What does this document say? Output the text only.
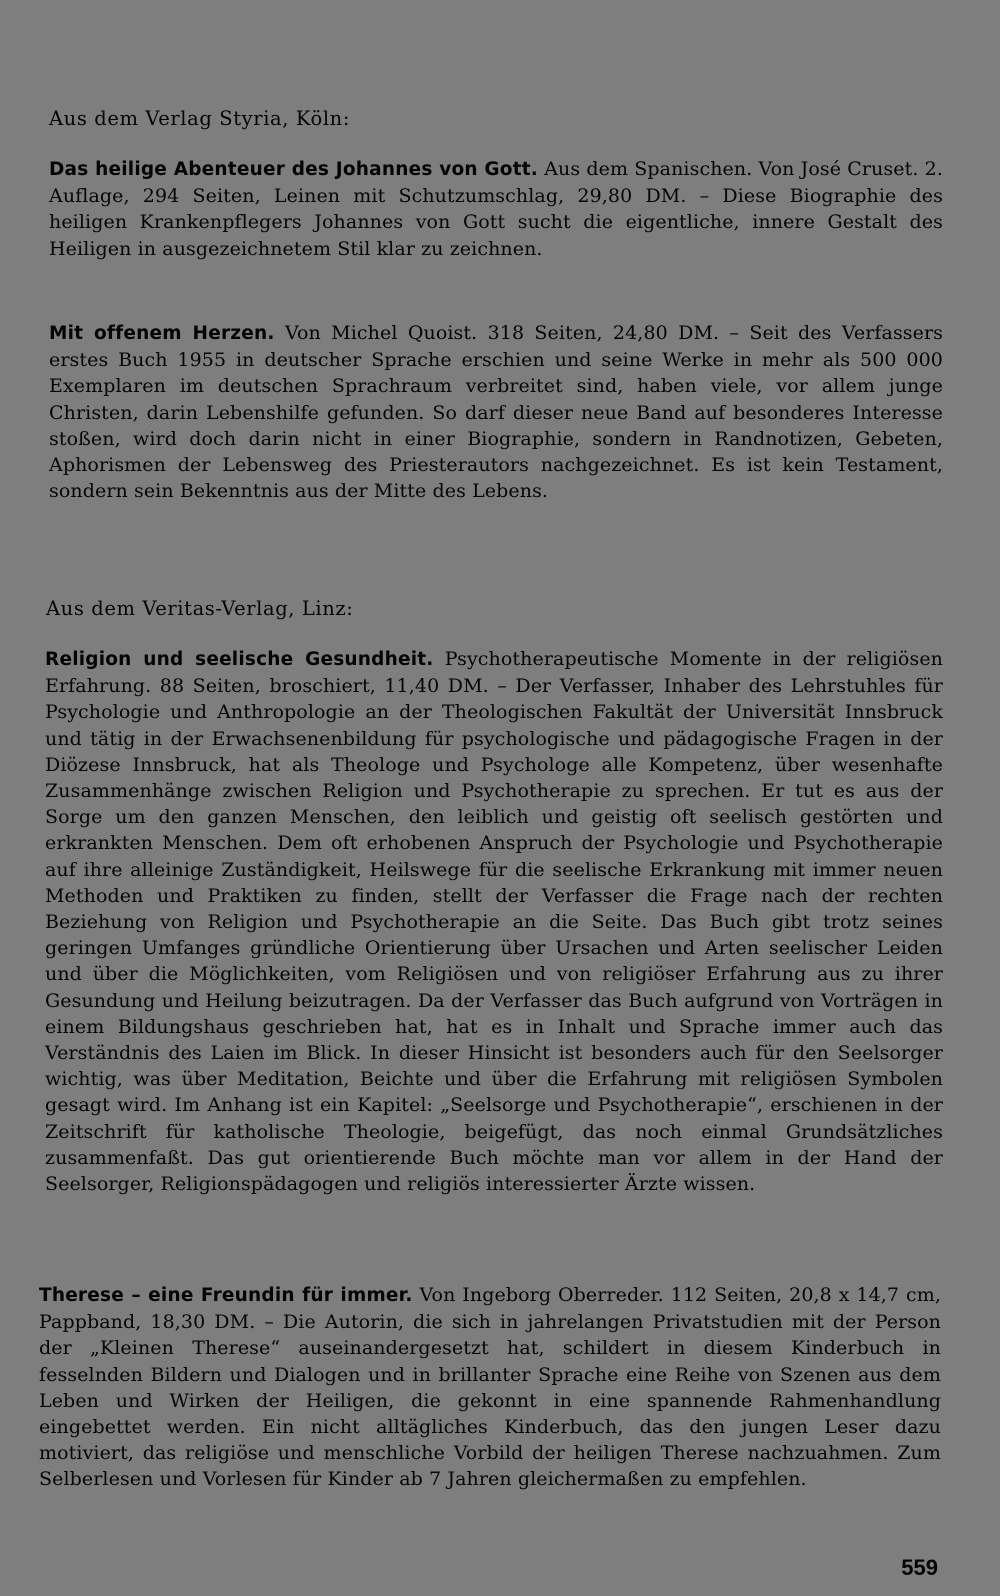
Aus dem Verlag Styria, Köln:
Das heilige Abenteuer des Johannes von Gott. Aus dem Spanischen. Von José Cruset. 2. Auflage, 294 Seiten, Leinen mit Schutzumschlag, 29,80 DM. – Diese Biographie des heiligen Krankenpflegers Johannes von Gott sucht die eigentliche, innere Gestalt des Heiligen in ausgezeichnetem Stil klar zu zeichnen.
Mit offenem Herzen. Von Michel Quoist. 318 Seiten, 24,80 DM. – Seit des Verfassers erstes Buch 1955 in deutscher Sprache erschien und seine Werke in mehr als 500 000 Exemplaren im deutschen Sprachraum verbreitet sind, haben viele, vor allem junge Christen, darin Lebenshilfe gefunden. So darf dieser neue Band auf besonderes Interesse stoßen, wird doch darin nicht in einer Biographie, sondern in Randnotizen, Gebeten, Aphorismen der Lebensweg des Priesterautors nachgezeichnet. Es ist kein Testament, sondern sein Bekenntnis aus der Mitte des Lebens.
Aus dem Veritas-Verlag, Linz:
Religion und seelische Gesundheit. Psychotherapeutische Momente in der religiösen Erfahrung. 88 Seiten, broschiert, 11,40 DM. – Der Verfasser, Inhaber des Lehrstuhles für Psychologie und Anthropologie an der Theologischen Fakultät der Universität Innsbruck und tätig in der Erwachsenenbildung für psychologische und pädagogische Fragen in der Diözese Innsbruck, hat als Theologe und Psychologe alle Kompetenz, über wesenhafte Zusammenhänge zwischen Religion und Psychotherapie zu sprechen. Er tut es aus der Sorge um den ganzen Menschen, den leiblich und geistig oft seelisch gestörten und erkrankten Menschen. Dem oft erhobenen Anspruch der Psychologie und Psychotherapie auf ihre alleinige Zuständigkeit, Heilswege für die seelische Erkrankung mit immer neuen Methoden und Praktiken zu finden, stellt der Verfasser die Frage nach der rechten Beziehung von Religion und Psychotherapie an die Seite. Das Buch gibt trotz seines geringen Umfanges gründliche Orientierung über Ursachen und Arten seelischer Leiden und über die Möglichkeiten, vom Religiösen und von religiöser Erfahrung aus zu ihrer Gesundung und Heilung beizutragen. Da der Verfasser das Buch aufgrund von Vorträgen in einem Bildungshaus geschrieben hat, hat es in Inhalt und Sprache immer auch das Verständnis des Laien im Blick. In dieser Hinsicht ist besonders auch für den Seelsorger wichtig, was über Meditation, Beichte und über die Erfahrung mit religiösen Symbolen gesagt wird. Im Anhang ist ein Kapitel: „Seelsorge und Psychotherapie“, erschienen in der Zeitschrift für katholische Theologie, beigefügt, das noch einmal Grundsätzliches zusammenfaßt. Das gut orientierende Buch möchte man vor allem in der Hand der Seelsorger, Religionspädagogen und religiös interessierter Ärzte wissen.
Therese – eine Freundin für immer. Von Ingeborg Oberreder. 112 Seiten, 20,8 x 14,7 cm, Pappband, 18,30 DM. – Die Autorin, die sich in jahrelangen Privatstudien mit der Person der „Kleinen Therese“ auseinandergesetzt hat, schildert in diesem Kinderbuch in fesselnden Bildern und Dialogen und in brillanter Sprache eine Reihe von Szenen aus dem Leben und Wirken der Heiligen, die gekonnt in eine spannende Rahmenhandlung eingebettet werden. Ein nicht alltägliches Kinderbuch, das den jungen Leser dazu motiviert, das religiöse und menschliche Vorbild der heiligen Therese nachzuahmen. Zum Selberlesen und Vorlesen für Kinder ab 7 Jahren gleichermaßen zu empfehlen.
559
